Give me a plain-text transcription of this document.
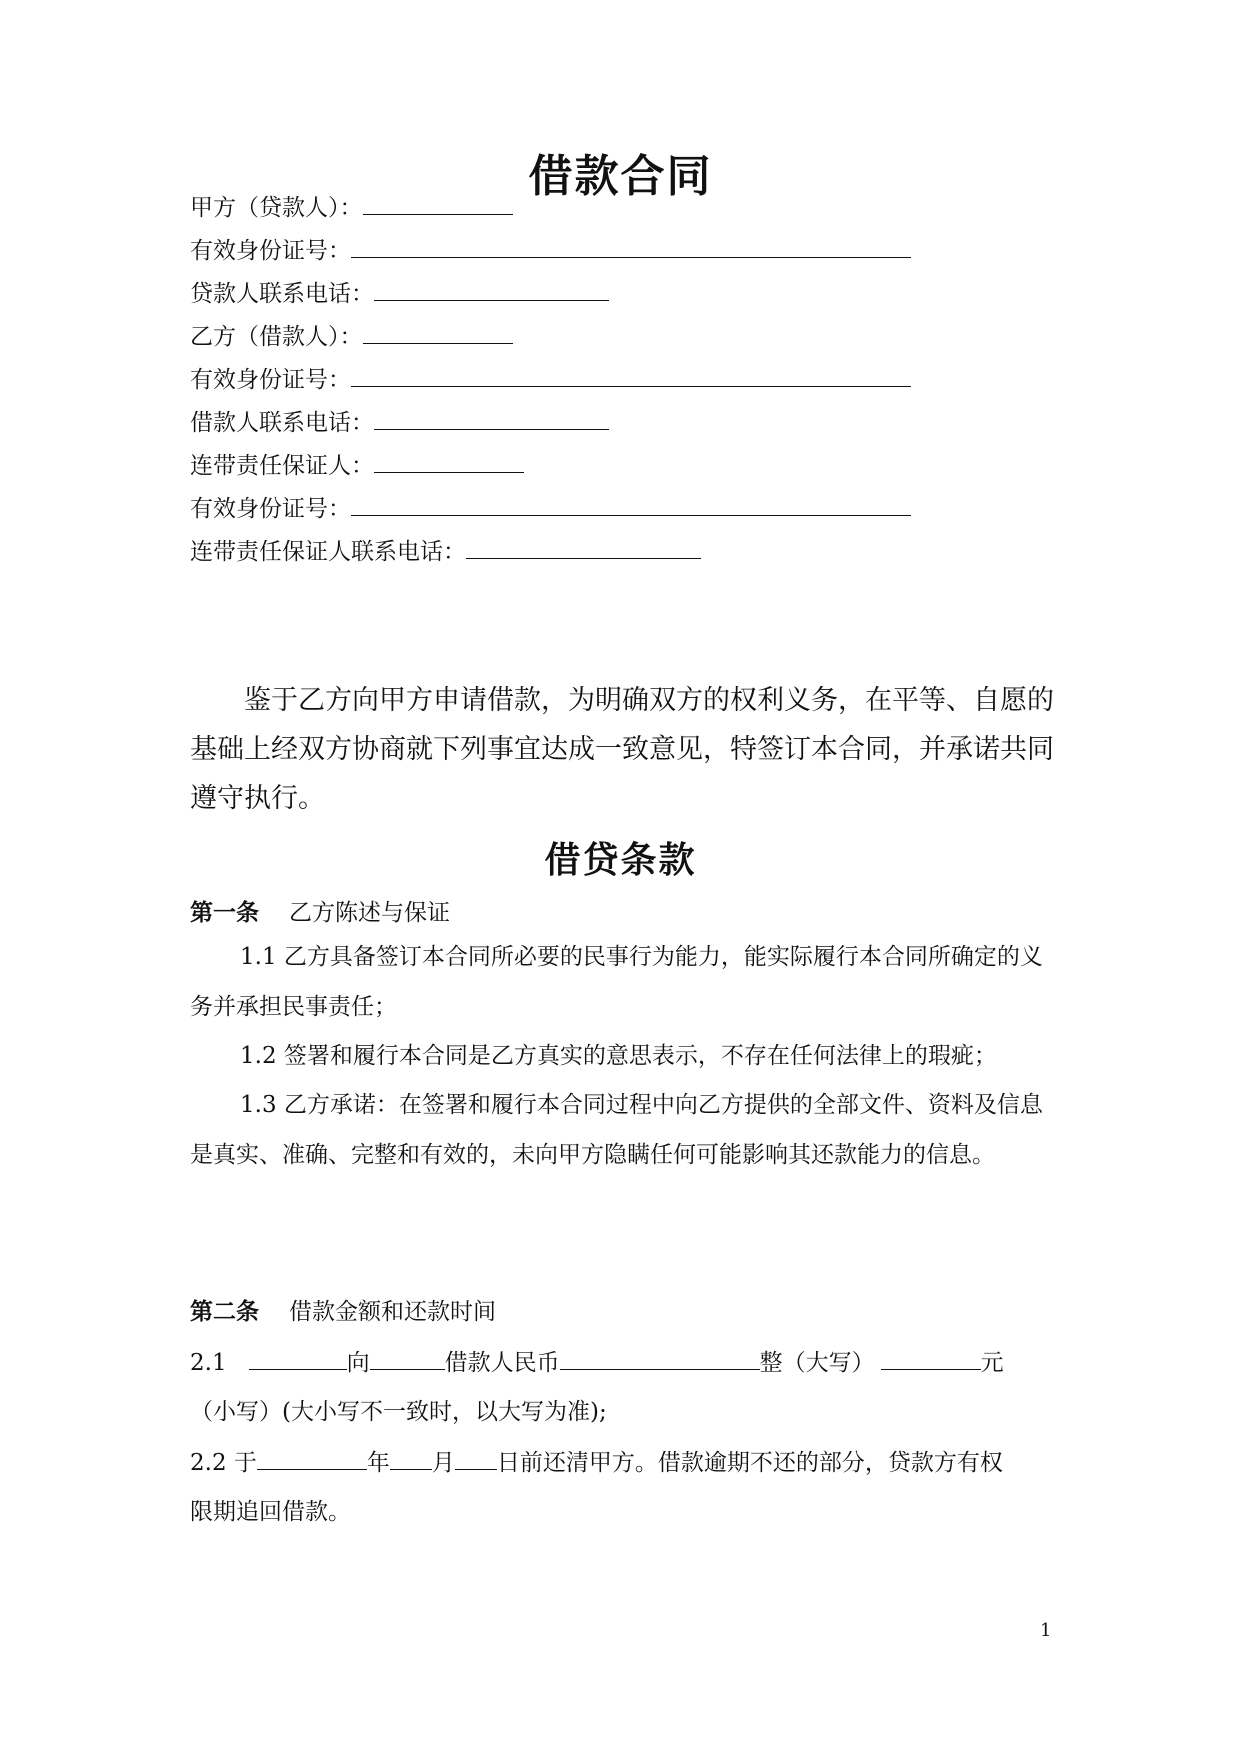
借款合同
甲方（贷款人）：
有效身份证号：
贷款人联系电话：
乙方（借款人）：
有效身份证号：
借款人联系电话：
连带责任保证人：
有效身份证号：
连带责任保证人联系电话：
鉴于乙方向甲方申请借款，为明确双方的权利义务，在平等、自愿的基础上经双方协商就下列事宜达成一致意见，特签订本合同，并承诺共同遵守执行。
借贷条款
第一条 乙方陈述与保证
1.1 乙方具备签订本合同所必要的民事行为能力，能实际履行本合同所确定的义务并承担民事责任；
1.2 签署和履行本合同是乙方真实的意思表示，不存在任何法律上的瑕疵；
1.3 乙方承诺：在签署和履行本合同过程中向乙方提供的全部文件、资料及信息是真实、准确、完整和有效的，未向甲方隐瞒任何可能影响其还款能力的信息。
第二条 借款金额和还款时间
2.1	向	借款人民币	整（大写）	元
（小写）(大小写不一致时，以大写为准);
2.2 于	年 月 日前还清甲方。借款逾期不还的部分，贷款方有权
限期追回借款。
1
